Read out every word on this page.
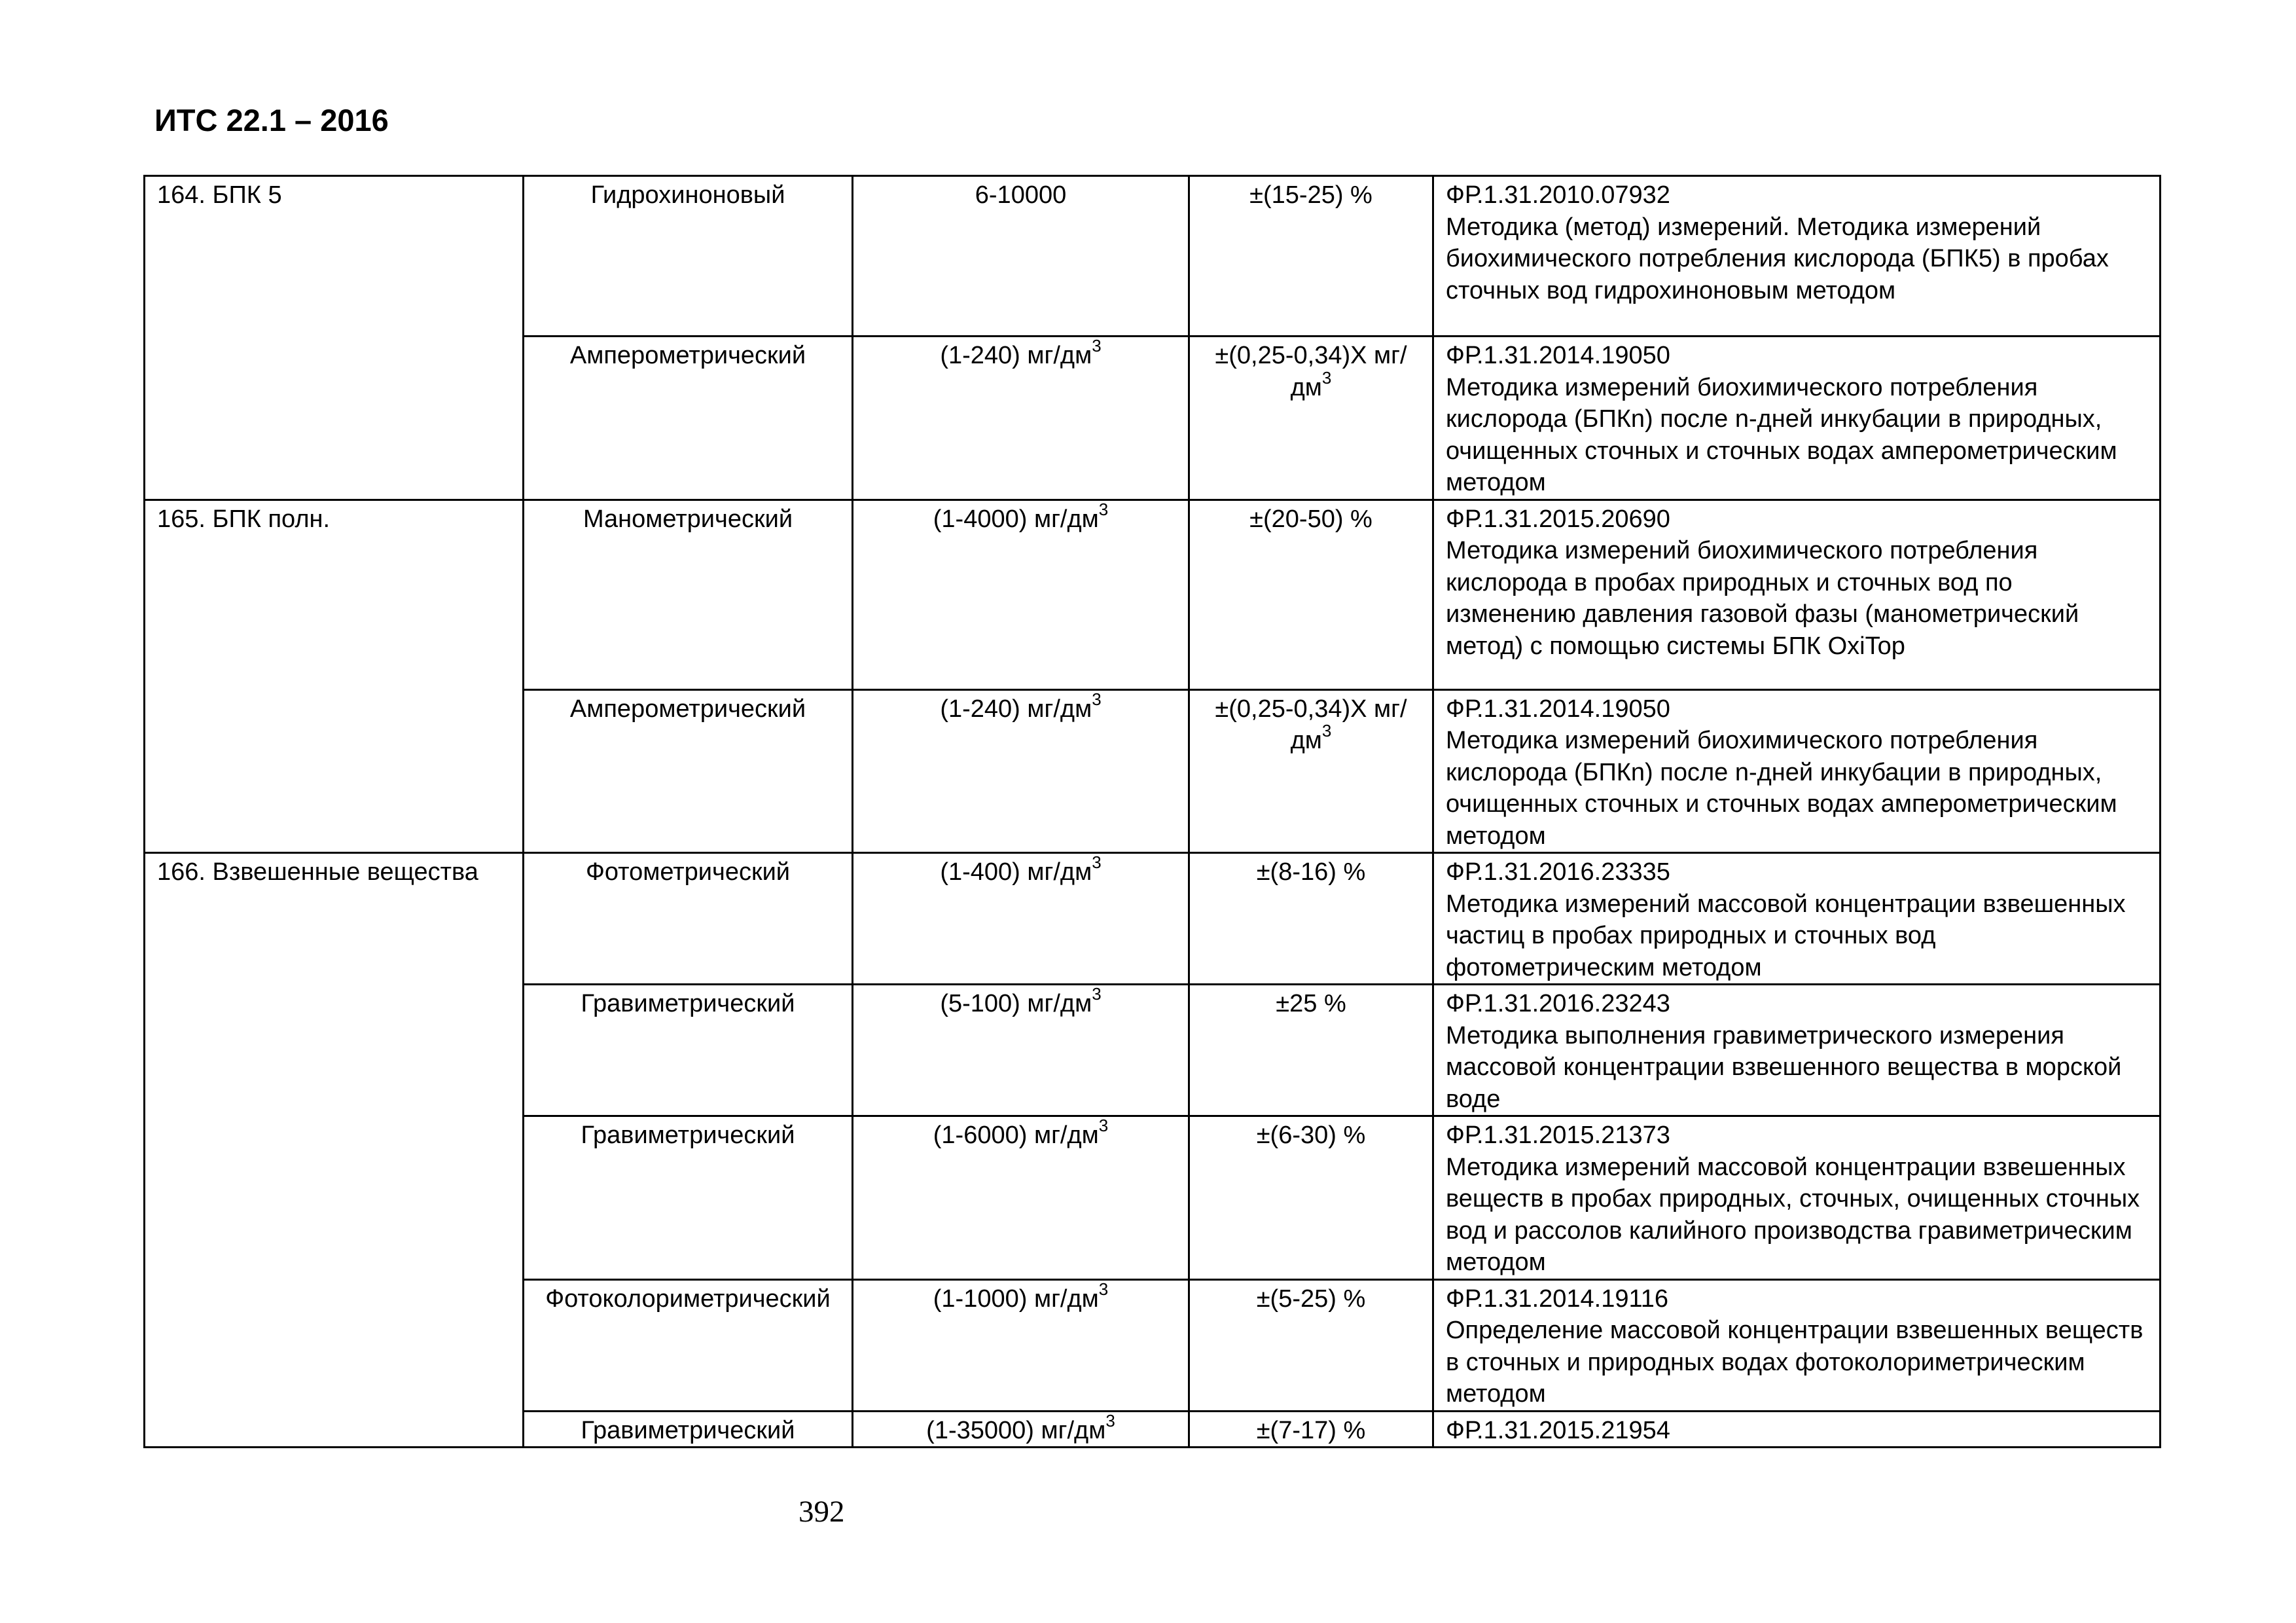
ИТС 22.1 – 2016
164. БПК 5	Гидрохиноновый	6-10000	±(15-25) %	ФР.1.31.2010.07932
Методика (метод) измерений. Методика измерений биохимического потребления кислорода (БПК5) в пробах сточных вод гидрохиноновым методом

	Амперометрический	(1-240) $мг/дм^3$	±(0,25-0,34)Х $мг/дм^3$	ФР.1.31.2014.19050
Методика измерений биохимического потребления кислорода (БПКn) после n-дней инкубации в природных, очищенных сточных и сточных водах амперометрическим методом

165. БПК полн.	Манометрический	(1-4000) $мг/дм^3$	±(20-50) %	ФР.1.31.2015.20690
Методика измерений биохимического потребления кислорода в пробах природных и сточных вод по изменению давления газовой фазы (манометрический метод) с помощью системы БПК OxiTop

	Амперометрический	(1-240) $мг/дм^3$	±(0,25-0,34)Х $мг/дм^3$	ФР.1.31.2014.19050
Методика измерений биохимического потребления кислорода (БПКn) после n-дней инкубации в природных, очищенных сточных и сточных водах амперометрическим методом

166. Взвешенные вещества	Фотометрический	(1-400) $мг/дм^3$	±(8-16) %	ФР.1.31.2016.23335
Методика измерений массовой концентрации взвешенных частиц в пробах природных и сточных вод фотометрическим методом

	Гравиметрический	(5-100) $мг/дм^3$	±25 %	ФР.1.31.2016.23243
Методика выполнения гравиметрического измерения массовой концентрации взвешенного вещества в морской воде

	Гравиметрический	(1-6000) $мг/дм^3$	±(6-30) %	ФР.1.31.2015.21373
Методика измерений массовой концентрации взвешенных веществ в пробах природных, сточных, очищенных сточных вод и рассолов калийного производства гравиметрическим методом

	Фотоколориметрический	(1-1000) $мг/дм^3$	±(5-25) %	ФР.1.31.2014.19116
Определение массовой концентрации взвешенных веществ в сточных и природных водах фотоколориметрическим методом

	Гравиметрический	(1-35000) $мг/дм^3$	±(7-17) %	ФР.1.31.2015.21954
392
